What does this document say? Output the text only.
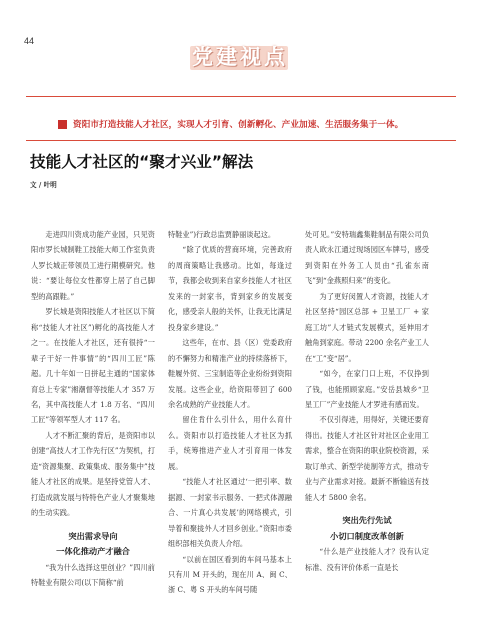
44
党 建 视 点
资阳市打造技能人才社区，实现人才引育、创新孵化、产业加速、生活服务集于一体。
技能人才社区的“聚才兴业”解法
文 / 叶明

走进四川资成功能产业园，只见资阳市罗长城制鞋工技能大师工作室负责人罗长城正带领员工进行期模研究。他说：“要让每位女性都穿上居了自己脚型的高跟鞋。”

罗长城是资阳技能人才社区以下简称“技能人才社区”)孵化的高技能人才之一。在技能人才社区，还有很持“一辈子干好一件事情”的“四川工匠”陈超。几十年如一日拼起主通的“国家体育总上专家”湘潮督等技能人才 357 万名，其中高技能人才 1.8 万名、“四川工匠”等领军型人才 117 名。

人才不断汇聚的背后，是资阳市以创建“高技人才工作先行区”为契机，打造“资源集聚、政策集成、服务集中”技能人才社区的成果。是坚持党管人才、打造成就发展与特特色产业人才聚集地的生动实践。

突出需求导向
一体化推动产才融合

“我为什么选择这里创业？”四川前特鞋业有限公司(以下简称“前

特鞋业”)行政总监贾静丽谈起这。

“除了优质的营商环境，完善政府的周商策略让我感动。比如，每逢过节，我都会收到来自家乡技能人才社区发来的一封家书，背到家乡的发展变化，感受亲人般的关怀，让我无比满足投身家乡建设。”

这些年，在市、县（区）党委政府的不懈努力和精准产业的持续落桥下，鞋履外贸、三宝制造等企业纷纷到资阳发展。这些企业，给资阳带回了 600 余名成熟的产业技能人才。

留住肯什么引什么，用什么育什么。资阳市以打造技能人才社区为抓手，统筹推进产业人才引育用一体发展。

“技能人才社区通过‘一把引率、数据源、一封家书示服务、一把式体源融合、一片真心共发展’的网络模式，引导着和聚拢外人才回乡创业。”资阳市委组织部相关负责人介绍。

“以前在国区看到的车间马基本上只有川 M 开头的，现在川 A、闽 C、浙 C、粤 S 开头的车间号随

处可见。”安特瑞鑫集鞋制品有限公司负责人欧永江通过现场园区车牌号，感受到资阳在外务工人员由“孔雀东南飞”到“金燕照归来”的变化。

为了更好闵置人才资源，技能人才社区坚持“园区总部 + 卫星工厂 + 家庭工坊”人才链式发展模式，延伸用才触角到家庭。带动 2200 余名产业工人在“工”变“居”。

“如今，在家门口上班，不仅挣到了钱，也能照顾家庭。”安岳县城乡“卫星工厂”产业技能人才罗进有感而发。

不仅引得进，用得好，关键还要育得出。技能人才社区针对社区企业用工需求，整合在资阳的职业院校资源，采取订单式、新型学徒制等方式，推动专业与产业需求对接。最新不断输送有技能人才 5800 余名。

突出先行先试
小切口制度改革创新

“什么是产业技能人才？没有认定标准、没有评价体系一直是长
